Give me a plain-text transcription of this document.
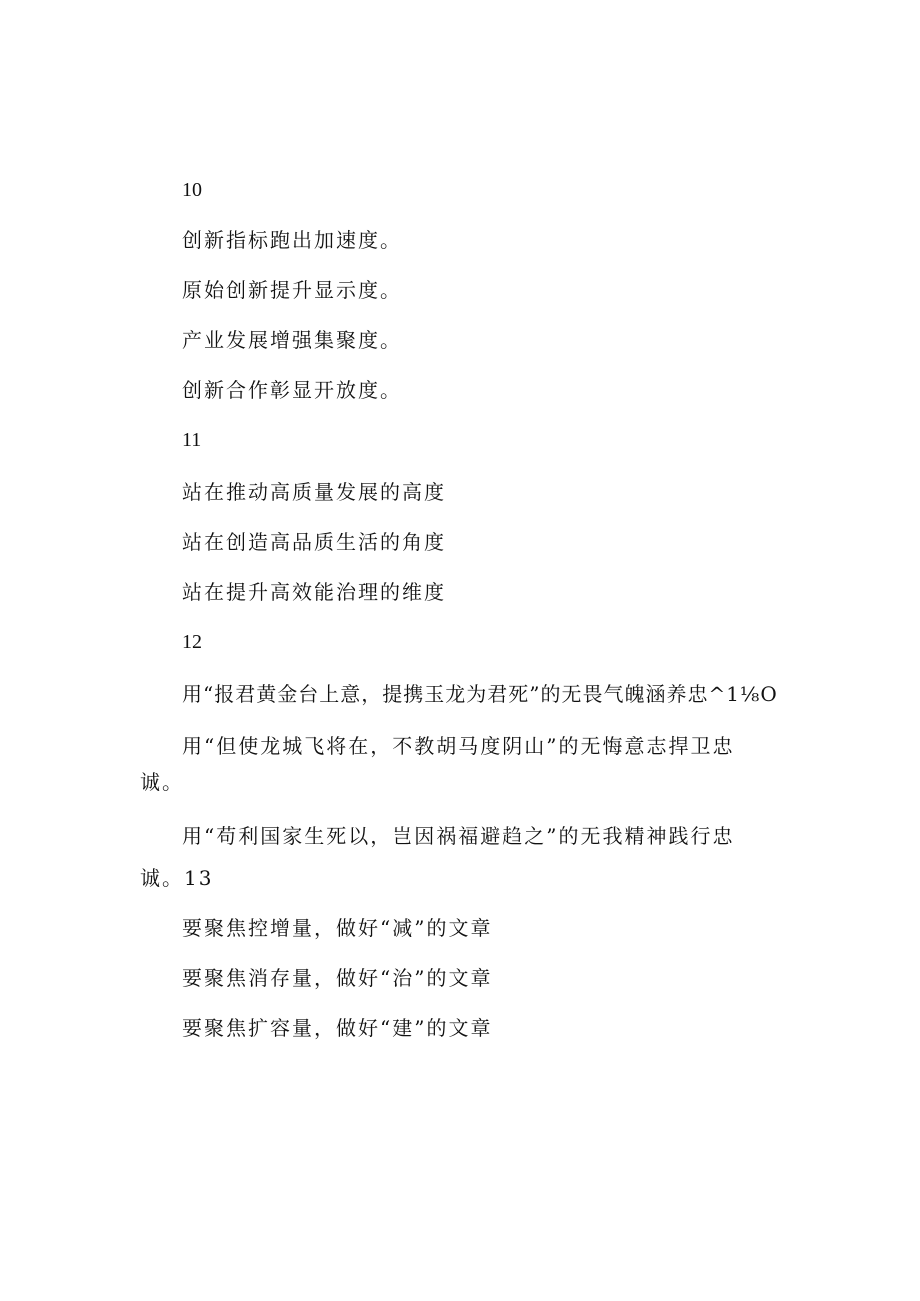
10
创新指标跑出加速度。
原始创新提升显示度。
产业发展增强集聚度。
创新合作彰显开放度。
11
站在推动高质量发展的高度
站在创造高品质生活的角度
站在提升高效能治理的维度
12
用“报君黄金台上意，提携玉龙为君死”的无畏气魄涵养忠^1⅛O
用“但使龙城飞将在，不教胡马度阴山”的无悔意志捍卫忠
诚。
用“苟利国家生死以，岂因祸福避趋之”的无我精神践行忠
诚。13
要聚焦控增量，做好“减”的文章
要聚焦消存量，做好“治”的文章
要聚焦扩容量，做好“建”的文章
